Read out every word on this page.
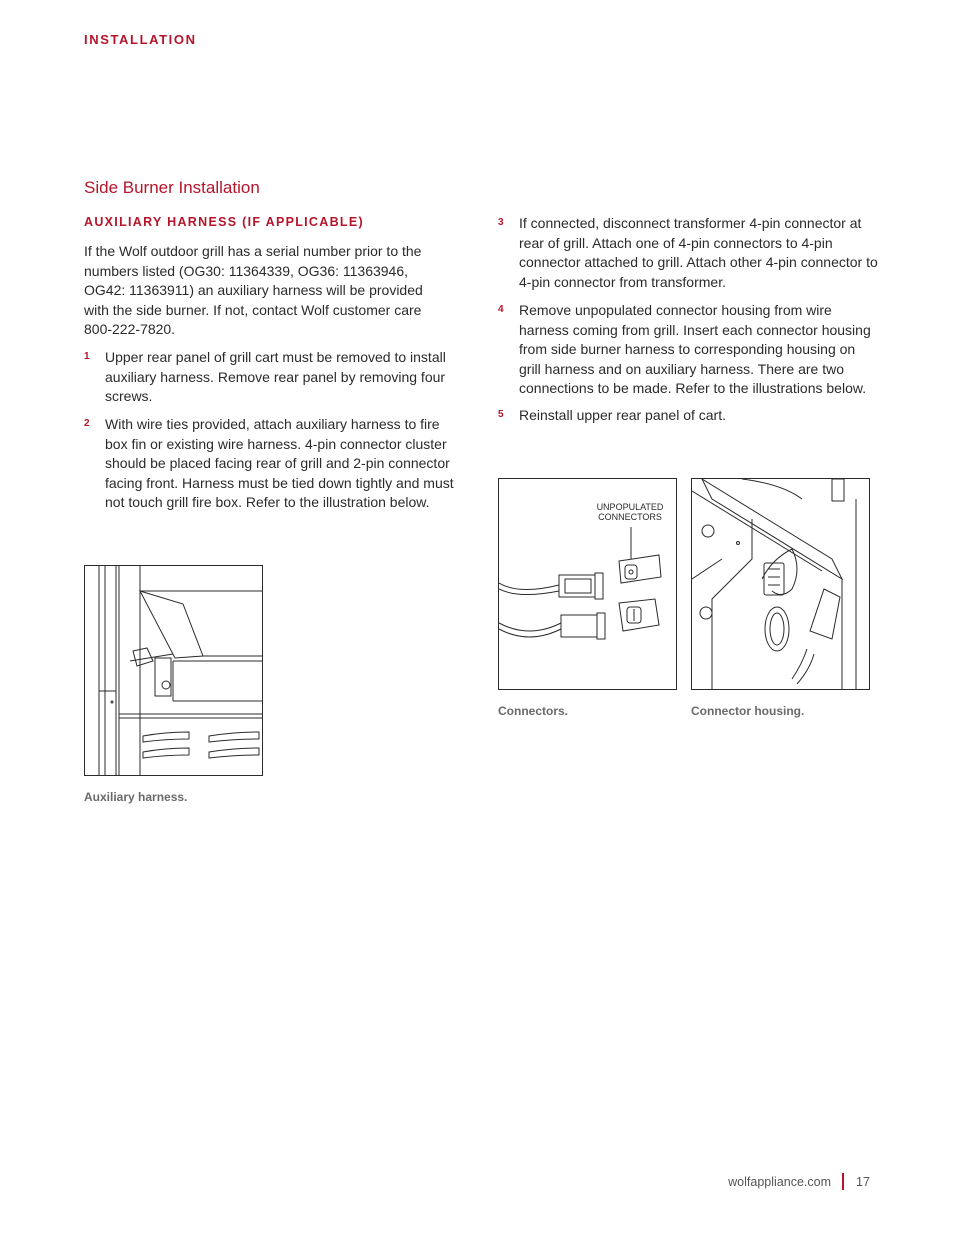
INSTALLATION
Side Burner Installation
AUXILIARY HARNESS (IF APPLICABLE)
If the Wolf outdoor grill has a serial number prior to the numbers listed (OG30: 11364339, OG36: 11363946, OG42: 11363911) an auxiliary harness will be provided with the side burner. If not, contact Wolf customer care 800-222-7820.
1	Upper rear panel of grill cart must be removed to install auxiliary harness. Remove rear panel by removing four screws.
2	With wire ties provided, attach auxiliary harness to fire box fin or existing wire harness. 4-pin connector cluster should be placed facing rear of grill and 2-pin connector facing front. Harness must be tied down tightly and must not touch grill fire box. Refer to the illustration below.
3	If connected, disconnect transformer 4-pin connector at rear of grill. Attach one of 4-pin connectors to 4-pin connector attached to grill. Attach other 4-pin connector to 4-pin connector from transformer.
4	Remove unpopulated connector housing from wire harness coming from grill. Insert each connector housing from side burner harness to corresponding housing on grill harness and on auxiliary harness. There are two connections to be made. Refer to the illustrations below.
5	Reinstall upper rear panel of cart.
Auxiliary harness.
UNPOPULATED
CONNECTORS
Connectors.	Connector housing.
wolfappliance.com 17
